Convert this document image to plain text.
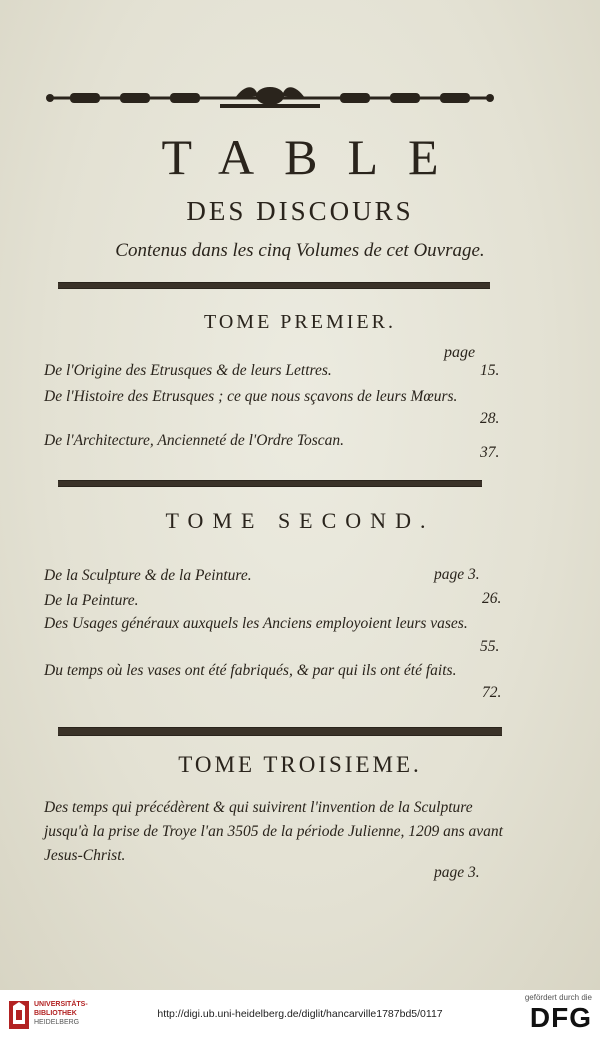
TABLE
DES DISCOURS
Contenus dans les cinq Volumes de cet Ouvrage.
TOME PREMIER.
page
De l'Origine des Etrusques & de leurs Lettres.	15.
De l'Histoire des Etrusques ; ce que nous sçavons de leurs Mœurs.
28.
De l'Architecture, Ancienneté de l'Ordre Toscan.
37.
TOME SECOND.
De la Sculpture & de la Peinture.	page 3.
De la Peinture.	26.
Des Usages généraux auxquels les Anciens employoient leurs vases.
55.
Du temps où les vases ont été fabriqués, & par qui ils ont été faits.
72.
TOME TROISIEME.
Des temps qui précédèrent & qui suivirent l'invention de la Sculpture jusqu'à la prise de Troye l'an 3505 de la période Julienne, 1209 ans avant Jesus-Christ.
page 3.
UNIVERSITÄTS-
BIBLIOTHEK
HEIDELBERG
http://digi.ub.uni-heidelberg.de/diglit/hancarville1787bd5/0117
gefördert durch die
DFG
